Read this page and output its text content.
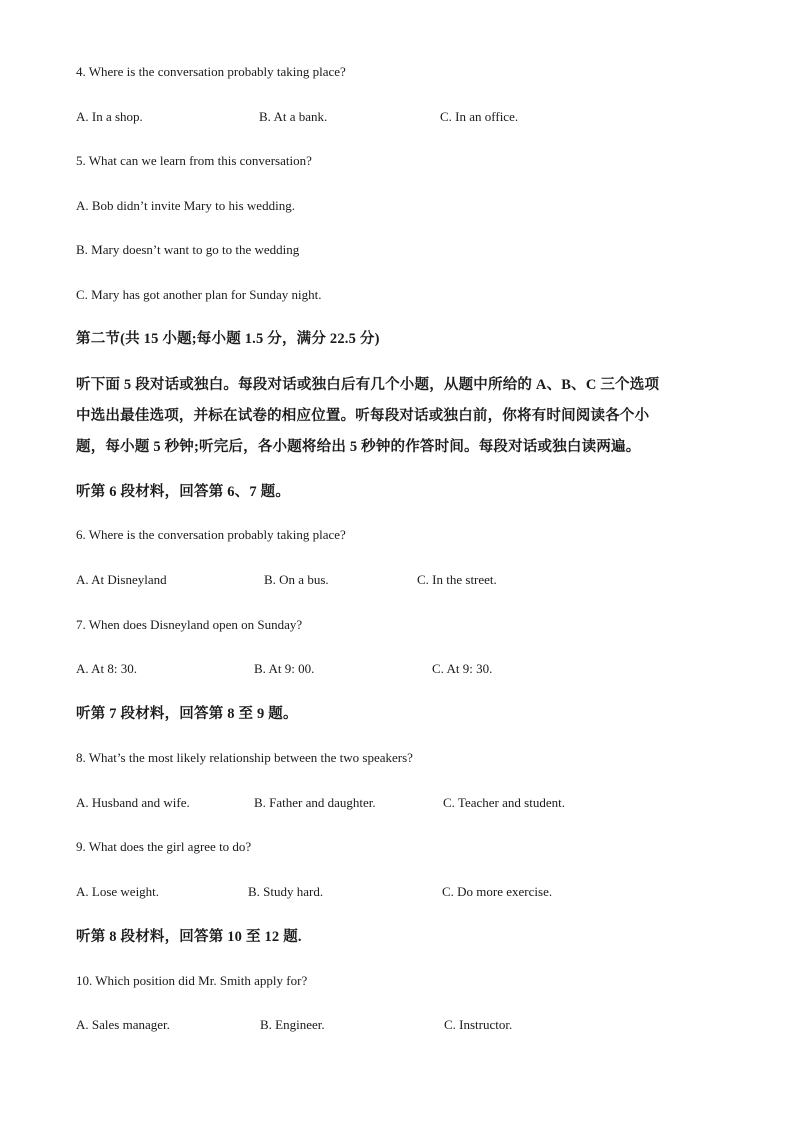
4. Where is the conversation probably taking place?
A. In a shop.	B. At a bank.	C. In an office.
5. What can we learn from this conversation?
A. Bob didn’t invite Mary to his wedding.
B. Mary doesn’t want to go to the wedding
C. Mary has got another plan for Sunday night.
第二节(共 15 小题;每小题 1.5 分，满分 22.5 分)
听下面 5 段对话或独白。每段对话或独白后有几个小题，从题中所给的 A、B、C 三个选项
中选出最佳选项，并标在试卷的相应位置。听每段对话或独白前，你将有时间阅读各个小
题，每小题 5 秒钟;听完后，各小题将给出 5 秒钟的作答时间。每段对话或独白读两遍。
听第 6 段材料，回答第 6、7 题。
6. Where is the conversation probably taking place?
A. At Disneyland	B. On a bus.	C. In the street.
7. When does Disneyland open on Sunday?
A. At 8: 30.	B. At 9: 00.	C. At 9: 30.
听第 7 段材料，回答第 8 至 9 题。
8. What’s the most likely relationship between the two speakers?
A. Husband and wife.	B. Father and daughter.	C. Teacher and student.
9. What does the girl agree to do?
A. Lose weight.	B. Study hard.	C. Do more exercise.
听第 8 段材料，回答第 10 至 12 题.
10. Which position did Mr. Smith apply for?
A. Sales manager.	B. Engineer.	C. Instructor.
